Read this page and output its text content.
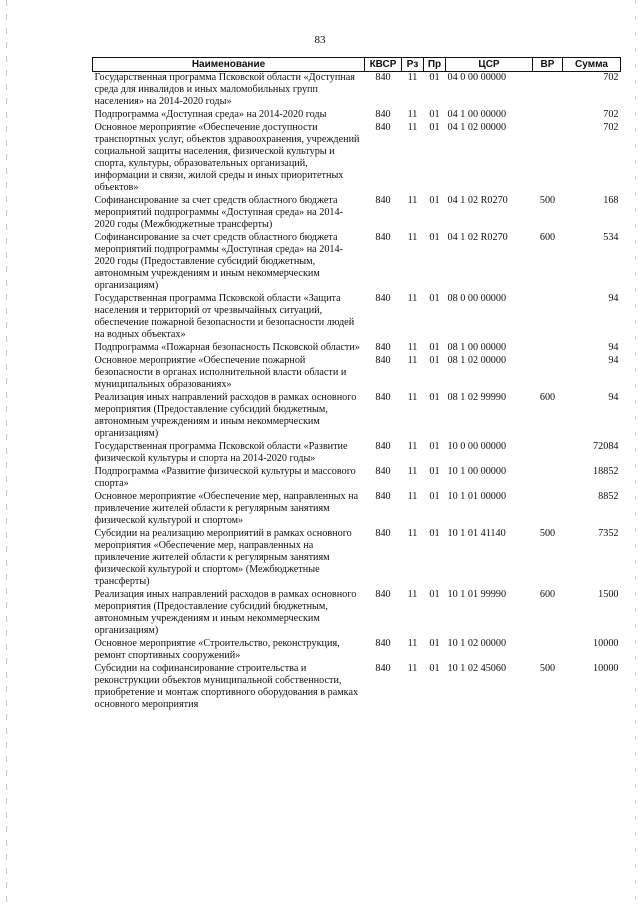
83
Наименование	КВСР	Рз	Пр	ЦСР	ВР	Сумма
Государственная программа Псковской области «Доступная среда для инвалидов и иных маломобильных групп населения» на 2014-2020 годы»	840	11	01	04 0 00 00000		702
Подпрограмма «Доступная среда» на 2014-2020 годы	840	11	01	04 1 00 00000		702
Основное мероприятие «Обеспечение доступности транспортных услуг, объектов здравоохранения, учреждений социальной защиты населения, физической культуры и спорта, культуры, образовательных организаций, информации и связи, жилой среды и иных приоритетных объектов»	840	11	01	04 1 02 00000		702
Софинансирование за счет средств областного бюджета мероприятий подпрограммы «Доступная среда» на 2014-2020 годы (Межбюджетные трансферты)	840	11	01	04 1 02 R0270	500	168
Софинансирование за счет средств областного бюджета мероприятий подпрограммы «Доступная среда» на 2014-2020 годы (Предоставление субсидий бюджетным, автономным учреждениям и иным некоммерческим организациям)	840	11	01	04 1 02 R0270	600	534
Государственная программа Псковской области «Защита населения и территорий от чрезвычайных ситуаций, обеспечение пожарной безопасности и безопасности людей на водных объектах»	840	11	01	08 0 00 00000		94
Подпрограмма «Пожарная безопасность Псковской области»	840	11	01	08 1 00 00000		94
Основное мероприятие «Обеспечение пожарной безопасности в органах исполнительной власти области и муниципальных образованиях»	840	11	01	08 1 02 00000		94
Реализация иных направлений расходов в рамках основного мероприятия (Предоставление субсидий бюджетным, автономным учреждениям и иным некоммерческим организациям)	840	11	01	08 1 02 99990	600	94
Государственная программа Псковской области «Развитие физической культуры и спорта на 2014-2020 годы»	840	11	01	10 0 00 00000		72084
Подпрограмма «Развитие физической культуры и массового спорта»	840	11	01	10 1 00 00000		18852
Основное мероприятие «Обеспечение мер, направленных на привлечение жителей области к регулярным занятиям физической культурой и спортом»	840	11	01	10 1 01 00000		8852
Субсидии на реализацию мероприятий в рамках основного мероприятия «Обеспечение мер, направленных на привлечение жителей области к регулярным занятиям физической культурой и спортом» (Межбюджетные трансферты)	840	11	01	10 1 01 41140	500	7352
Реализация иных направлений расходов в рамках основного мероприятия (Предоставление субсидий бюджетным, автономным учреждениям и иным некоммерческим организациям)	840	11	01	10 1 01 99990	600	1500
Основное мероприятие «Строительство, реконструкция, ремонт спортивных сооружений»	840	11	01	10 1 02 00000		10000
Субсидии на софинансирование строительства и реконструкции объектов муниципальной собственности, приобретение и монтаж спортивного оборудования в рамках основного мероприятия	840	11	01	10 1 02 45060	500	10000
